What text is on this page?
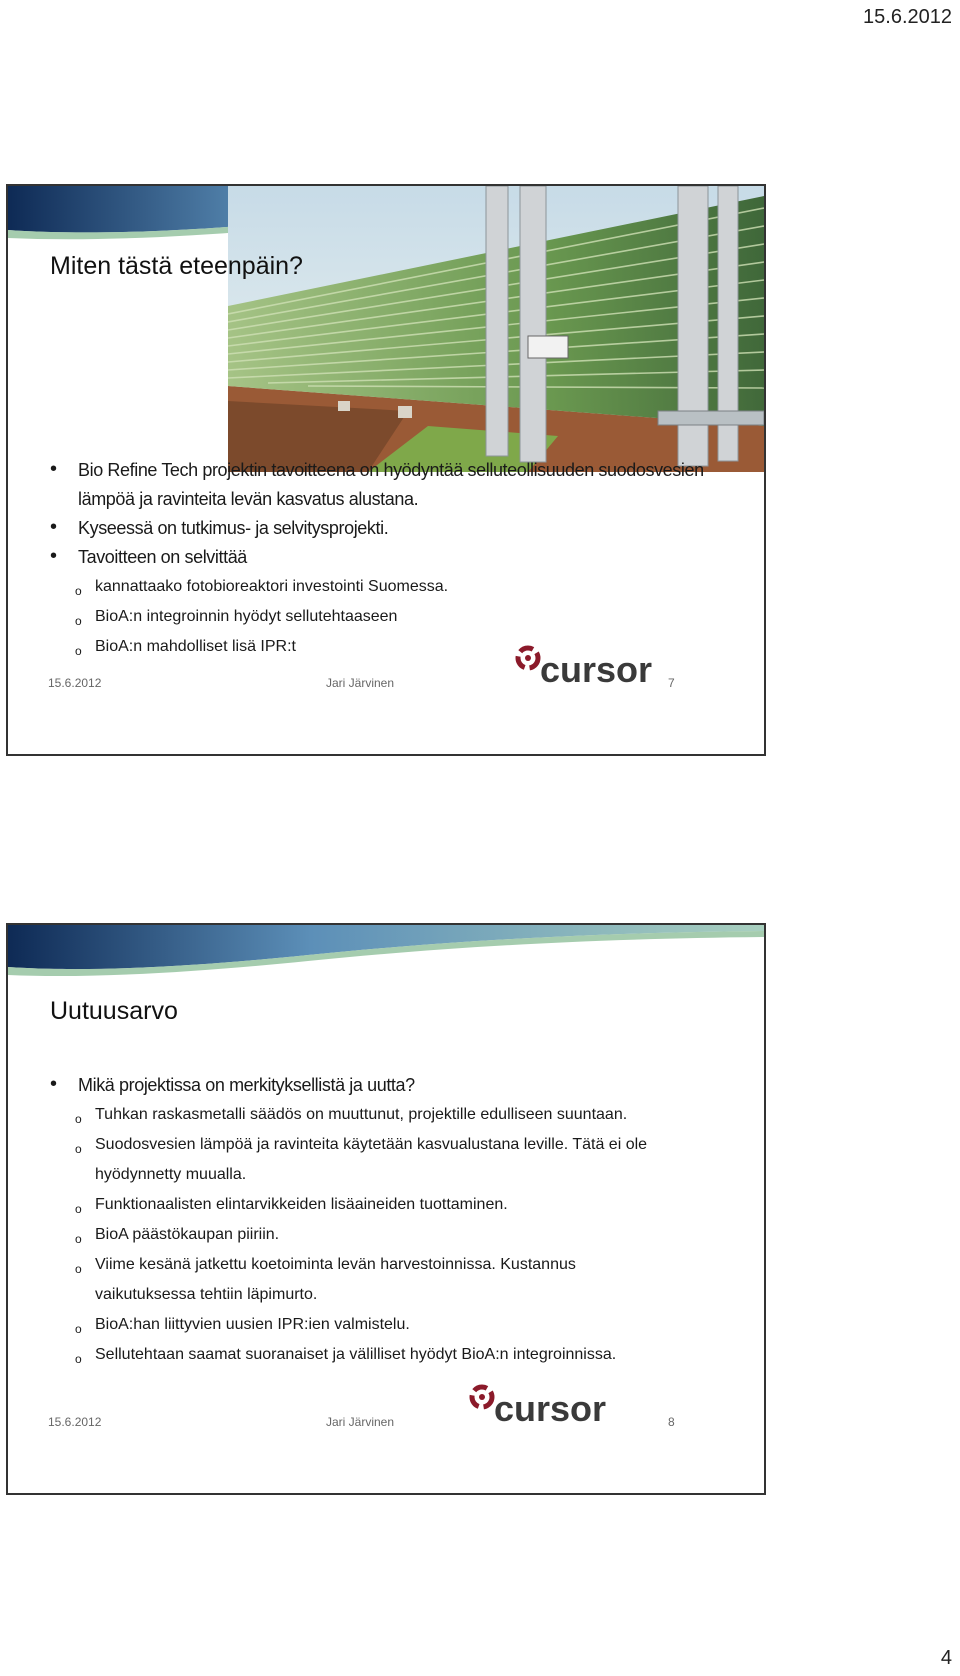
15.6.2012
Miten tästä eteenpäin?
• Bio Refine Tech projektin tavoitteena on hyödyntää selluteollisuuden suodosvesien lämpöä ja ravinteita levän kasvatus alustana.
• Kyseessä on tutkimus- ja selvitysprojekti.
• Tavoitteen on selvittää
o kannattaako fotobioreaktori investointi Suomessa.
o BioA:n integroinnin hyödyt sellutehtaaseen
o BioA:n mahdolliset lisä IPR:t
cursor
15.6.2012	Jari Järvinen	7
Uutuusarvo
• Mikä projektissa on merkityksellistä ja uutta?
o Tuhkan raskasmetalli säädös on muuttunut, projektille edulliseen suuntaan.
o Suodosvesien lämpöä ja ravinteita käytetään kasvualustana leville. Tätä ei ole hyödynnetty muualla.
o Funktionaalisten elintarvikkeiden lisäaineiden tuottaminen.
o BioA päästökaupan piiriin.
o Viime kesänä jatkettu koetoiminta levän harvestoinnissa. Kustannus vaikutuksessa tehtiin läpimurto.
o BioA:han liittyvien uusien IPR:ien valmistelu.
o Sellutehtaan saamat suoranaiset ja välilliset hyödyt BioA:n integroinnissa.
cursor
15.6.2012	Jari Järvinen	8
4
